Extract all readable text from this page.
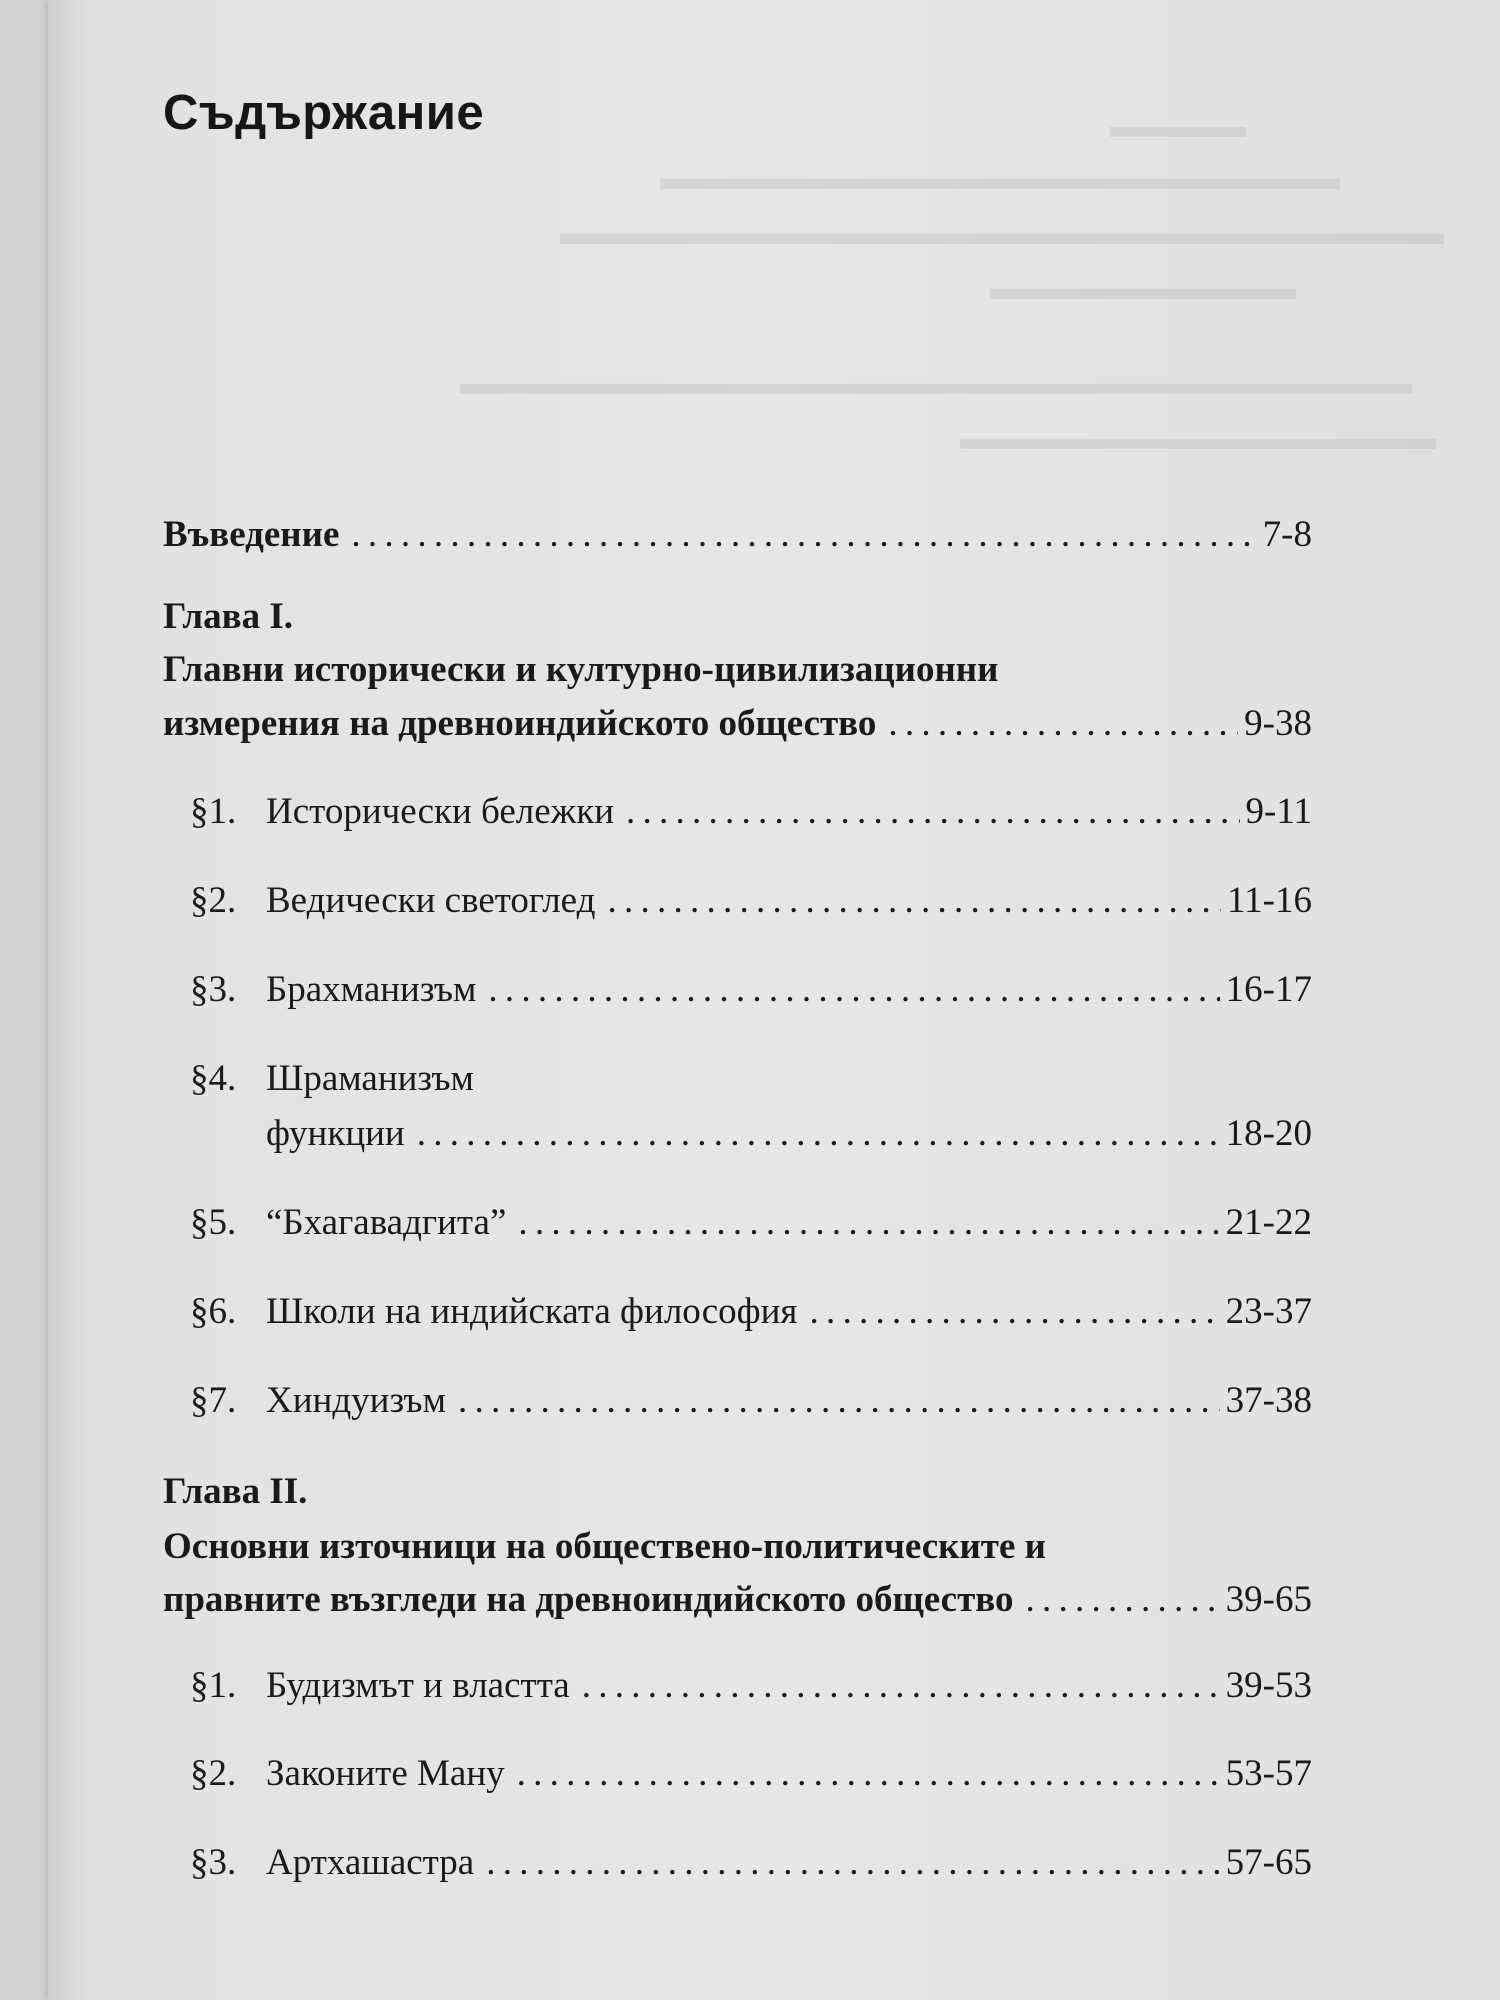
▬▬▬▬
▬▬▬▬▬▬▬▬▬▬▬▬▬▬▬▬▬▬▬▬
▬▬▬▬▬▬▬▬▬▬▬▬▬▬▬▬▬▬▬▬▬▬▬▬▬▬
▬▬▬▬▬▬▬▬▬
▬▬▬▬▬▬▬▬▬▬▬▬▬▬▬▬▬▬▬▬▬▬▬▬▬▬▬▬
▬▬▬▬▬▬▬▬▬▬▬▬▬▬
Съдържание
Въведение . . .	7-8
Глава I.
Главни исторически и културно-цивилизационни
измерения на древноиндийското общество . . .	9-38
§1. Исторически бележки . . .	9-11
§2. Ведически светоглед . . .	11-16
§3. Брахманизъм . . .	16-17
§4. Шраманизъм
функции . . .	18-20
§5. “Бхагавадгита” . . .	21-22
§6. Школи на индийската философия . . .	23-37
§7. Хиндуизъм . . .	37-38
Глава II.
Основни източници на обществено-политическите и
правните възгледи на древноиндийското общество . . .	39-65
§1. Будизмът и властта . . .	39-53
§2. Законите Ману . . .	53-57
§3. Артхашастра . . .	57-65
